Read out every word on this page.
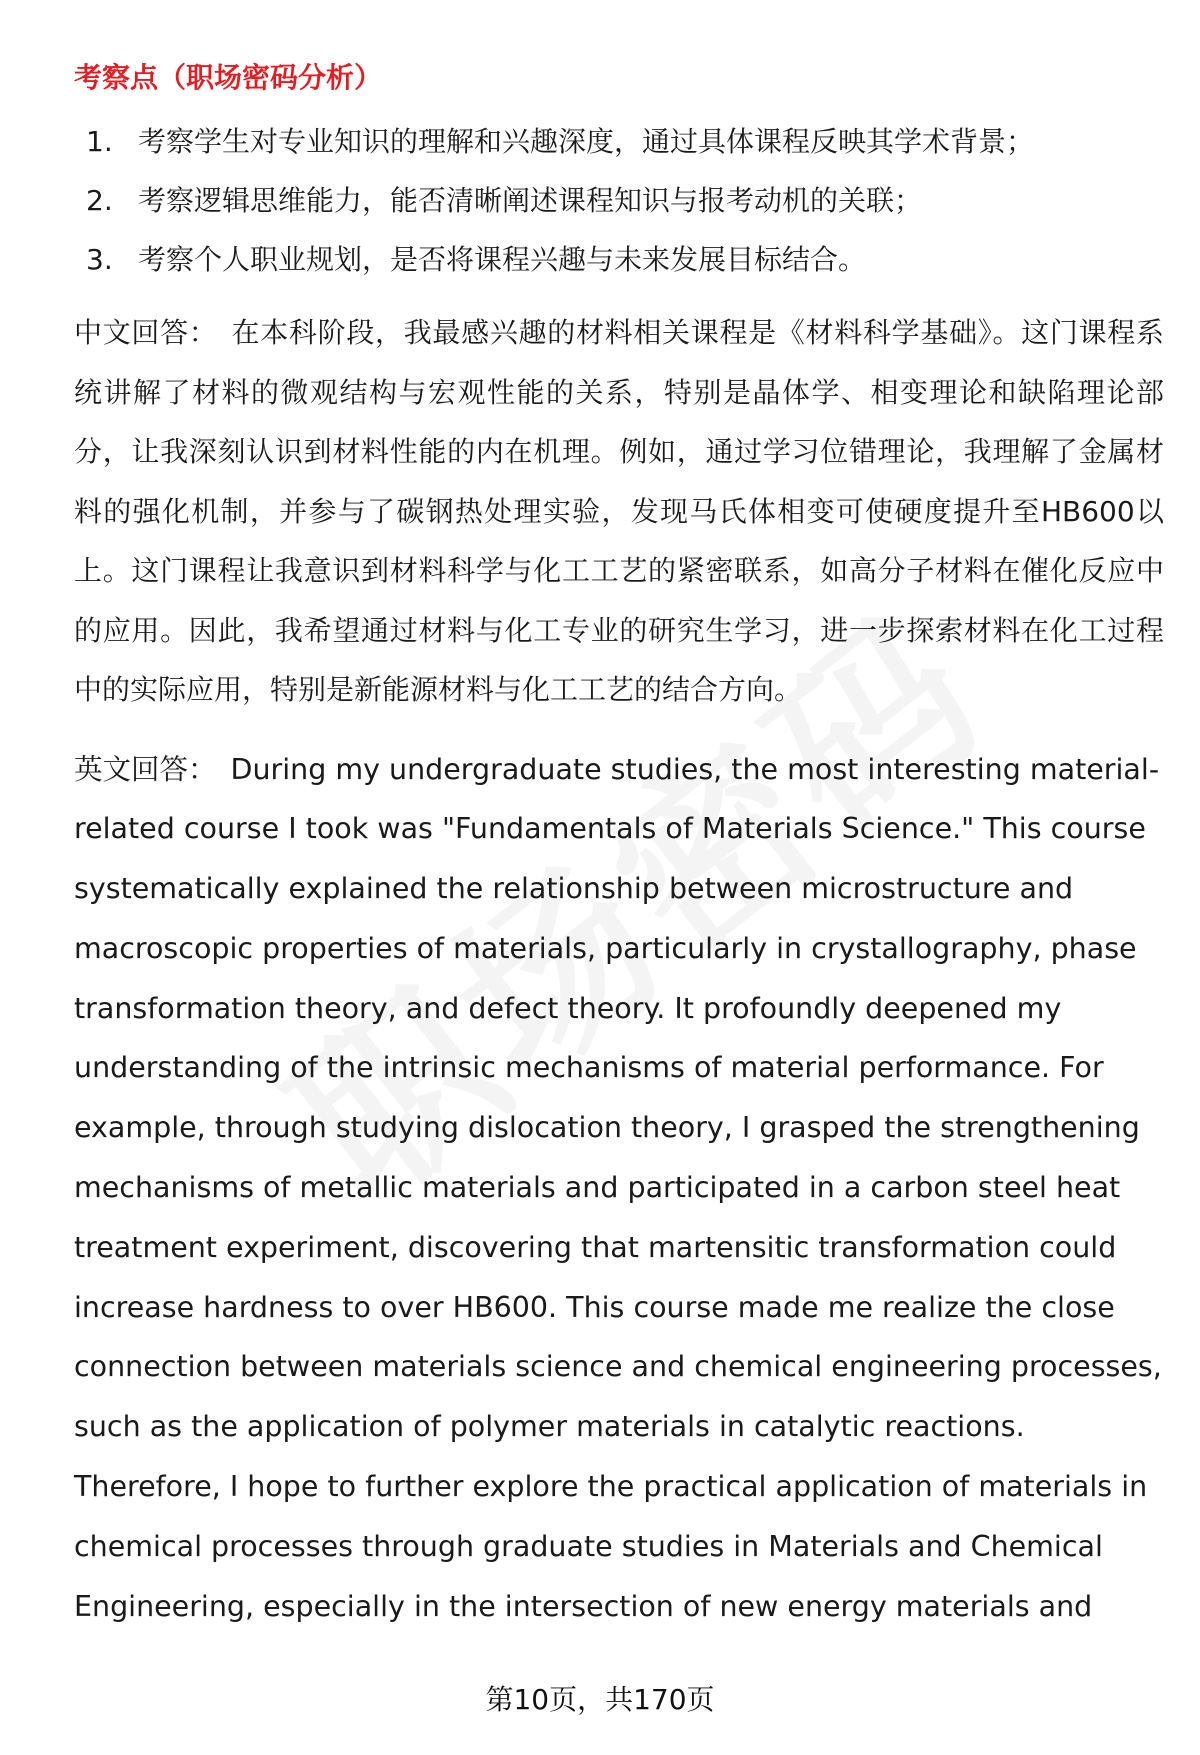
考察点（职场密码分析）
1. 考察学生对专业知识的理解和兴趣深度，通过具体课程反映其学术背景；
2. 考察逻辑思维能力，能否清晰阐述课程知识与报考动机的关联；
3. 考察个人职业规划，是否将课程兴趣与未来发展目标结合。

中文回答： 在本科阶段，我最感兴趣的材料相关课程是《材料科学基础》。这门课程系统讲解了材料的微观结构与宏观性能的关系，特别是晶体学、相变理论和缺陷理论部分，让我深刻认识到材料性能的内在机理。例如，通过学习位错理论，我理解了金属材料的强化机制，并参与了碳钢热处理实验，发现马氏体相变可使硬度提升至HB600以上。这门课程让我意识到材料科学与化工工艺的紧密联系，如高分子材料在催化反应中的应用。因此，我希望通过材料与化工专业的研究生学习，进一步探索材料在化工过程中的实际应用，特别是新能源材料与化工工艺的结合方向。

英文回答： During my undergraduate studies, the most interesting material-related course I took was "Fundamentals of Materials Science." This course systematically explained the relationship between microstructure and macroscopic properties of materials, particularly in crystallography, phase transformation theory, and defect theory. It profoundly deepened my understanding of the intrinsic mechanisms of material performance. For example, through studying dislocation theory, I grasped the strengthening mechanisms of metallic materials and participated in a carbon steel heat treatment experiment, discovering that martensitic transformation could increase hardness to over HB600. This course made me realize the close connection between materials science and chemical engineering processes, such as the application of polymer materials in catalytic reactions. Therefore, I hope to further explore the practical application of materials in chemical processes through graduate studies in Materials and Chemical Engineering, especially in the intersection of new energy materials and

第10页，共170页
